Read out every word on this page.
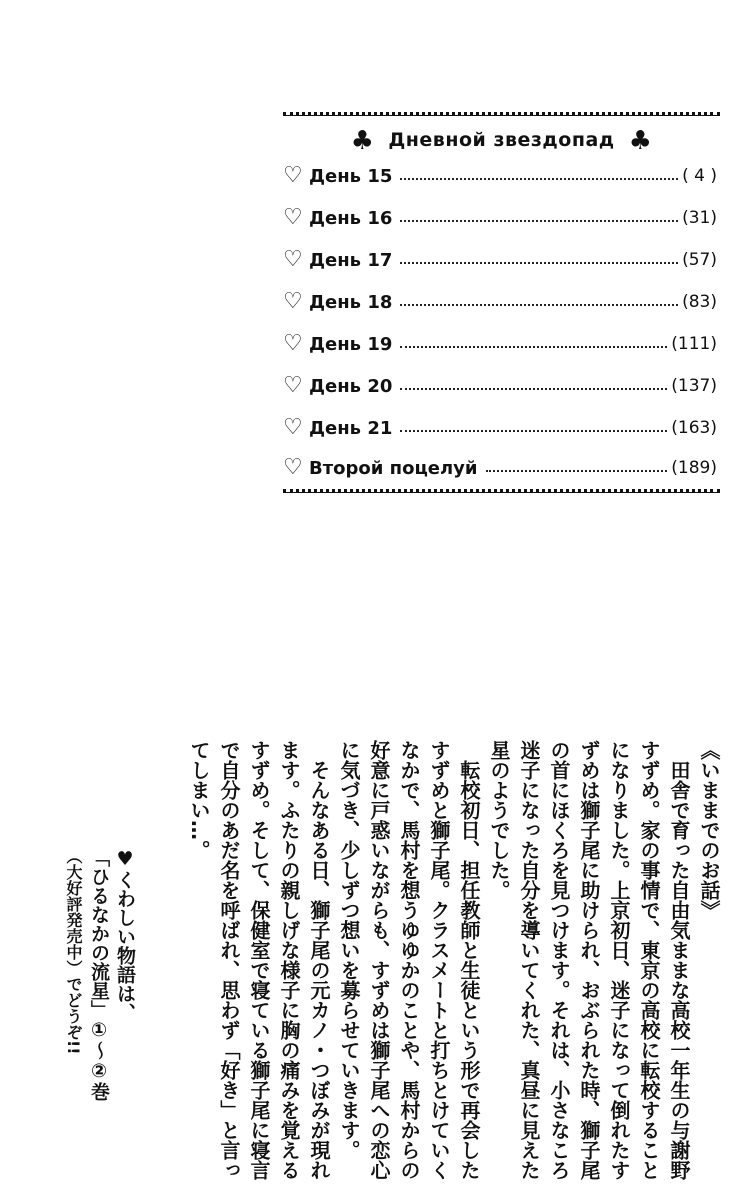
♣ Дневной звездопад ♣
♡ День 15	( 4 )
♡ День 16	(31)
♡ День 17	(57)
♡ День 18	(83)
♡ День 19	(111)
♡ День 20	(137)
♡ День 21	(163)
♡ Второй поцелуй	(189)

《いままでのお話》

田舎で育った自由気ままな高校一年生の与謝野すずめ。家の事情で、東京の高校に転校することになりました。上京初日、迷子になって倒れたすずめは獅子尾に助けられ、おぶられた時、獅子尾の首にほくろを見つけます。それは、小さなころ迷子になった自分を導いてくれた、真昼に見えた星のようでした。

転校初日、担任教師と生徒という形で再会したすずめと獅子尾。クラスメートと打ちとけていくなかで、馬村を想うゆゆかのことや、馬村からの好意に戸惑いながらも、すずめは獅子尾への恋心に気づき、少しずつ想いを募らせていきます。

そんなある日、獅子尾の元カノ・つぼみが現れます。ふたりの親しげな様子に胸の痛みを覚えるすずめ。そして、保健室で寝ている獅子尾に寝言で自分のあだ名を呼ばれ、思わず「好き」と言ってしまい…。

♥くわしい物語は、

「ひるなかの流星」①～②巻

（大好評発売中）でどうぞ!!
